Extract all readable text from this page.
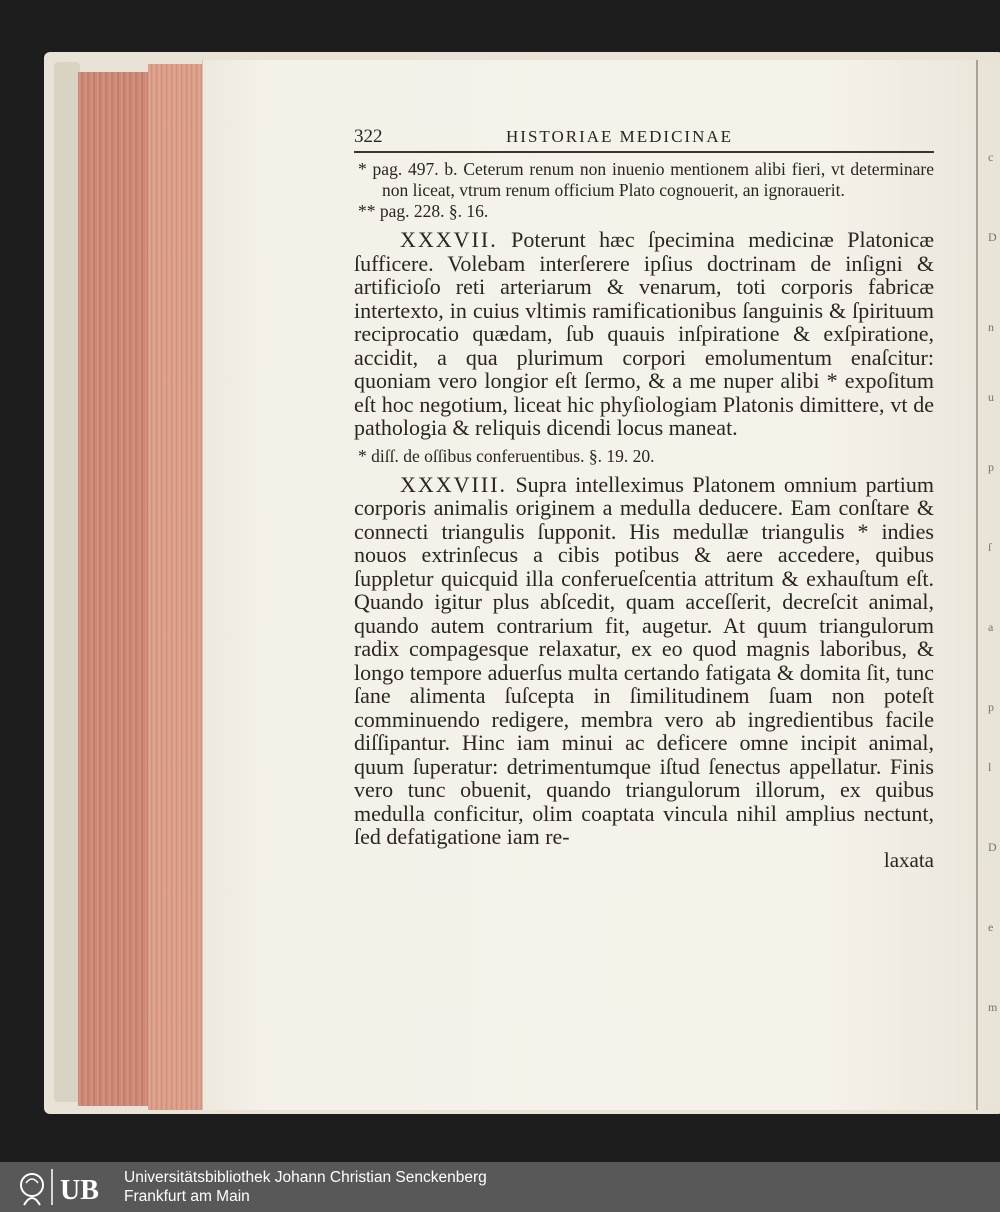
c
D
n
u
p
ſ
a
p
l
D
e
m
322	HISTORIAE MEDICINAE

* pag. 497. b. Ceterum renum non inuenio mentionem alibi fieri, vt determinare non liceat, vtrum renum officium Plato cognouerit, an ignorauerit.

** pag. 228. §. 16.

XXXVII. Poterunt hæc ſpecimina medicinæ Platonicæ ſufficere. Volebam interſerere ipſius doctrinam de inſigni & artificioſo reti arteriarum & venarum, toti corporis fabricæ intertexto, in cuius vltimis ramificationibus ſanguinis & ſpirituum reciprocatio quædam, ſub quauis inſpiratione & exſpiratione, accidit, a qua plurimum corpori emolumentum enaſcitur: quoniam vero longior eſt ſermo, & a me nuper alibi * expoſitum eſt hoc negotium, liceat hic phyſiologiam Platonis dimittere, vt de pathologia & reliquis dicendi locus maneat.

* diſſ. de oſſibus conferuentibus. §. 19. 20.

XXXVIII. Supra intelleximus Platonem omnium partium corporis animalis originem a medulla deducere. Eam conſtare & connecti triangulis ſupponit. His medullæ triangulis * indies nouos extrinſecus a cibis potibus & aere accedere, quibus ſuppletur quicquid illa conferueſcentia attritum & exhauſtum eſt. Quando igitur plus abſcedit, quam acceſſerit, decreſcit animal, quando autem contrarium fit, augetur. At quum triangulorum radix compagesque relaxatur, ex eo quod magnis laboribus, & longo tempore aduerſus multa certando fatigata & domita ſit, tunc ſane alimenta ſuſcepta in ſimilitudinem ſuam non poteſt comminuendo redigere, membra vero ab ingredientibus facile diſſipantur. Hinc iam minui ac deficere omne incipit animal, quum ſuperatur: detrimentumque iſtud ſenectus appellatur. Finis vero tunc obuenit, quando triangulorum illorum, ex quibus medulla conficitur, olim coaptata vincula nihil amplius nectunt, ſed defatigatione iam re-

laxata

UB Universitätsbibliothek Johann Christian Senckenberg
Frankfurt am Main
